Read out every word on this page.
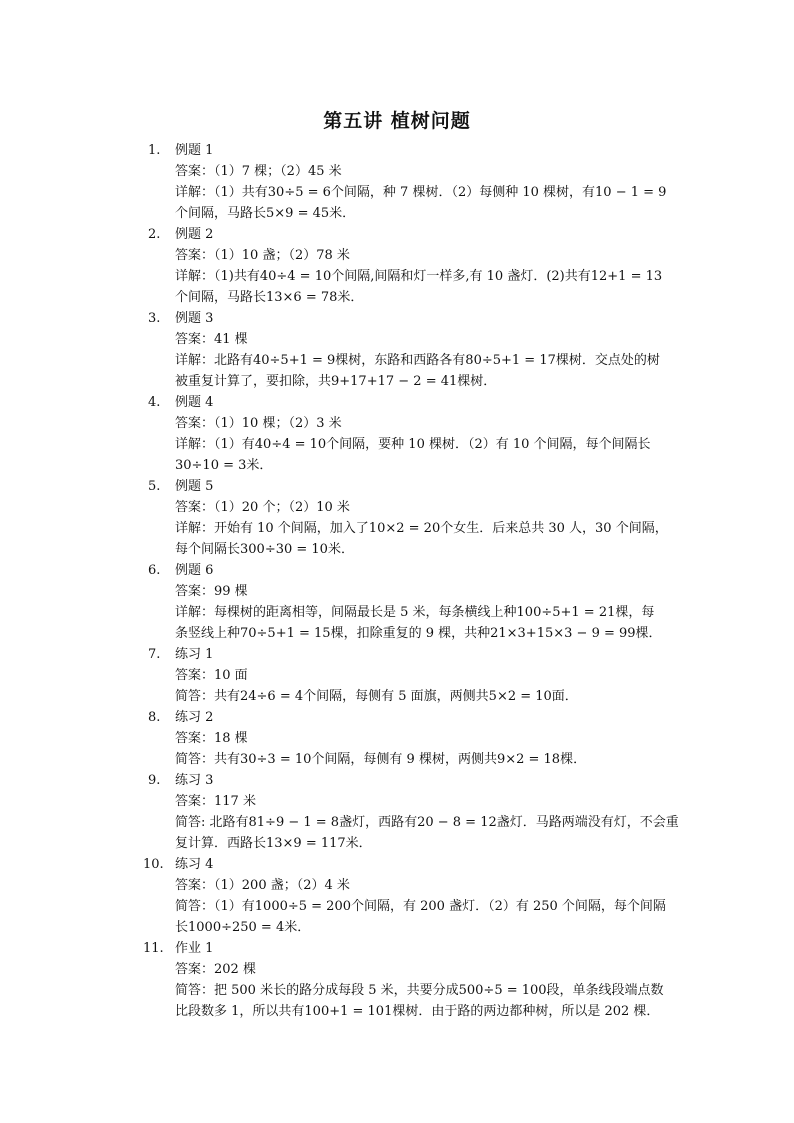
第五讲 植树问题
1. 例题 1
答案：（1）7 棵；（2）45 米
详解：（1）共有30÷5 = 6个间隔，种 7 棵树．（2）每侧种 10 棵树，有10 − 1 = 9
个间隔，马路长5×9 = 45米．
2. 例题 2
答案：（1）10 盏；（2）78 米
详解：（1)共有40÷4 = 10个间隔,间隔和灯一样多,有 10 盏灯．(2)共有12+1 = 13
个间隔，马路长13×6 = 78米．
3. 例题 3
答案：41 棵
详解：北路有40÷5+1 = 9棵树，东路和西路各有80÷5+1 = 17棵树．交点处的树
被重复计算了，要扣除，共9+17+17 − 2 = 41棵树．
4. 例题 4
答案：（1）10 棵；（2）3 米
详解：（1）有40÷4 = 10个间隔，要种 10 棵树．（2）有 10 个间隔，每个间隔长
30÷10 = 3米．
5. 例题 5
答案：（1）20 个；（2）10 米
详解：开始有 10 个间隔，加入了10×2 = 20个女生．后来总共 30 人，30 个间隔，
每个间隔长300÷30 = 10米．
6. 例题 6
答案：99 棵
详解：每棵树的距离相等，间隔最长是 5 米，每条横线上种100÷5+1 = 21棵，每
条竖线上种70÷5+1 = 15棵，扣除重复的 9 棵，共种21×3+15×3 − 9 = 99棵．
7. 练习 1
答案：10 面
简答：共有24÷6 = 4个间隔，每侧有 5 面旗，两侧共5×2 = 10面．
8. 练习 2
答案：18 棵
简答：共有30÷3 = 10个间隔，每侧有 9 棵树，两侧共9×2 = 18棵．
9. 练习 3
答案：117 米
简答: 北路有81÷9 − 1 = 8盏灯，西路有20 − 8 = 12盏灯．马路两端没有灯，不会重
复计算．西路长13×9 = 117米．
10. 练习 4
答案：（1）200 盏；（2）4 米
简答：（1）有1000÷5 = 200个间隔，有 200 盏灯．（2）有 250 个间隔，每个间隔
长1000÷250 = 4米．
11. 作业 1
答案：202 棵
简答：把 500 米长的路分成每段 5 米，共要分成500÷5 = 100段，单条线段端点数
比段数多 1，所以共有100+1 = 101棵树．由于路的两边都种树，所以是 202 棵．
